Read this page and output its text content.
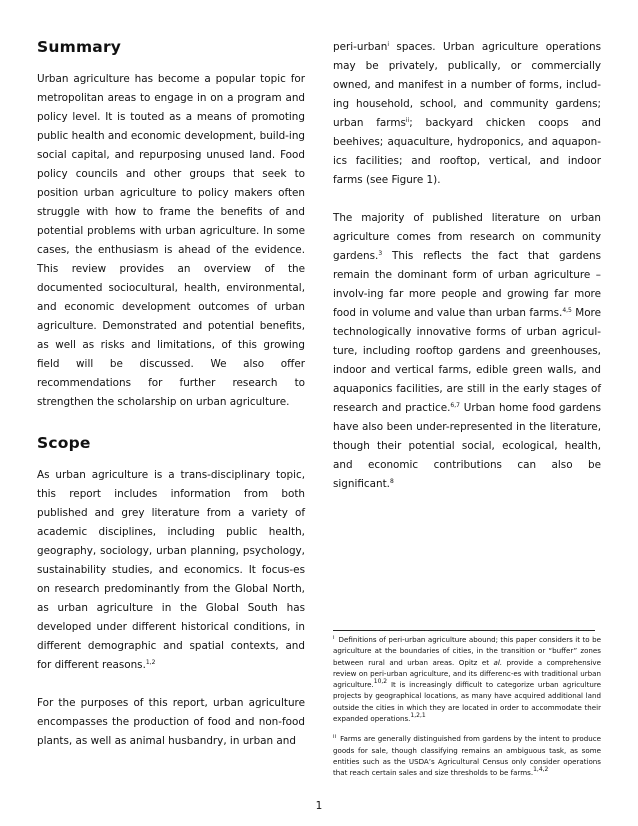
Summary

Urban agriculture has become a popular topic for metropolitan areas to engage in on a program and policy level. It is touted as a means of promoting public health and economic development, build-ing social capital, and repurposing unused land. Food policy councils and other groups that seek to position urban agriculture to policy makers often struggle with how to frame the benefits of and potential problems with urban agriculture. In some cases, the enthusiasm is ahead of the evidence. This review provides an overview of the documented sociocultural, health, environmental, and economic development outcomes of urban agriculture. Demonstrated and potential benefits, as well as risks and limitations, of this growing field will be discussed. We also offer recommendations for further research to strengthen the scholarship on urban agriculture.

Scope

As urban agriculture is a trans-disciplinary topic, this report includes information from both published and grey literature from a variety of academic disciplines, including public health, geography, sociology, urban planning, psychology, sustainability studies, and economics. It focus-es on research predominantly from the Global North, as urban agriculture in the Global South has developed under different historical conditions, in different demographic and spatial contexts, and for different reasons.$^{1,2}$

For the purposes of this report, urban agriculture encompasses the production of food and non-food plants, as well as animal husbandry, in urban and

peri-urban$^i$ spaces. Urban agriculture operations may be privately, publically, or commercially owned, and manifest in a number of forms, includ-ing household, school, and community gardens; urban farms$^{ii}$; backyard chicken coops and beehives; aquaculture, hydroponics, and aquapon-ics facilities; and rooftop, vertical, and indoor farms (see Figure 1).

The majority of published literature on urban agriculture comes from research on community gardens.$^3$ This reflects the fact that gardens remain the dominant form of urban agriculture – involv-ing far more people and growing far more food in volume and value than urban farms.$^{4,5}$ More technologically innovative forms of urban agricul-ture, including rooftop gardens and greenhouses, indoor and vertical farms, edible green walls, and aquaponics facilities, are still in the early stages of research and practice.$^{6,7}$ Urban home food gardens have also been under-represented in the literature, though their potential social, ecological, health, and economic contributions can also be significant.$^8$

$^i$ Definitions of peri-urban agriculture abound; this paper considers it to be agriculture at the boundaries of cities, in the transition or “buffer” zones between rural and urban areas. Opitz et al. provide a comprehensive review on peri-urban agriculture, and its differenc-es with traditional urban agriculture.$^{10,2}$ It is increasingly difficult to categorize urban agriculture projects by geographical locations, as many have acquired additional land outside the cities in which they are located in order to accommodate their expanded operations.$^{1,2,1}$

$^{ii}$ Farms are generally distinguished from gardens by the intent to produce goods for sale, though classifying remains an ambiguous task, as some entities such as the USDA’s Agricultural Census only consider operations that reach certain sales and size thresholds to be farms.$^{1,4,2}$

1
